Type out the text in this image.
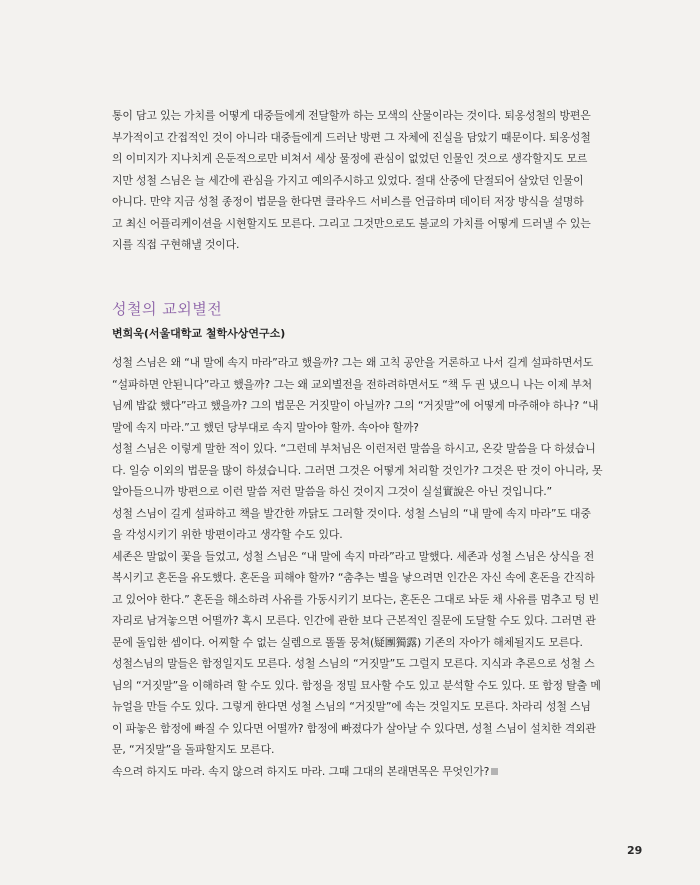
통이 담고 있는 가치를 어떻게 대중들에게 전달할까 하는 모색의 산물이라는 것이다. 퇴옹성철의 방편은
부가적이고 간접적인 것이 아니라 대중들에게 드러난 방편 그 자체에 진실을 담았기 때문이다. 퇴옹성철
의 이미지가 지나치게 은둔적으로만 비쳐서 세상 물정에 관심이 없었던 인물인 것으로 생각할지도 모르
지만 성철 스님은 늘 세간에 관심을 가지고 예의주시하고 있었다. 절대 산중에 단절되어 살았던 인물이
아니다. 만약 지금 성철 종정이 법문을 한다면 클라우드 서비스를 언급하며 데이터 저장 방식을 설명하
고 최신 어플리케이션을 시현할지도 모른다. 그리고 그것만으로도 불교의 가치를 어떻게 드러낼 수 있는
지를 직접 구현해낼 것이다.
성철의 교외별전

변희욱(서울대학교 철학사상연구소)

성철 스님은 왜 “내 말에 속지 마라”라고 했을까? 그는 왜 고칙 공안을 거론하고 나서 길게 설파하면서도
“설파하면 안된니다”라고 했을까? 그는 왜 교외별전을 전하려하면서도 “책 두 권 냈으니 나는 이제 부처
님께 밥값 했다”라고 했을까? 그의 법문은 거짓말이 아닐까? 그의 “거짓말”에 어떻게 마주해야 하나? “내
말에 속지 마라.”고 했던 당부대로 속지 말아야 할까. 속아야 할까?
성철 스님은 이렇게 말한 적이 있다. “그런데 부처님은 이런저런 말씀을 하시고, 온갖 말씀을 다 하셨습니
다. 일승 이외의 법문을 많이 하셨습니다. 그러면 그것은 어떻게 처리할 것인가? 그것은 딴 것이 아니라, 못
알아들으니까 방편으로 이런 말씀 저런 말씀을 하신 것이지 그것이 실설實說은 아닌 것입니다.”
성철 스님이 길게 설파하고 책을 발간한 까닭도 그러할 것이다. 성철 스님의 “내 말에 속지 마라”도 대중
을 각성시키기 위한 방편이라고 생각할 수도 있다.
세존은 말없이 꽃을 들었고, 성철 스님은 “내 말에 속지 마라”라고 말했다. 세존과 성철 스님은 상식을 전
복시키고 혼돈을 유도했다. 혼돈을 피해야 할까? “춤추는 별을 낳으려면 인간은 자신 속에 혼돈을 간직하
고 있어야 한다.” 혼돈을 해소하려 사유를 가동시키기 보다는, 혼돈은 그대로 놔둔 채 사유를 멈추고 텅 빈
자리로 남겨놓으면 어떨까? 혹시 모른다. 인간에 관한 보다 근본적인 질문에 도달할 수도 있다. 그러면 관
문에 돌입한 셈이다. 어찌할 수 없는 실렘으로 똘똘 뭉쳐(疑團獨露) 기존의 자아가 해체될지도 모른다.
성철스님의 말들은 함정일지도 모른다. 성철 스님의 “거짓말”도 그럴지 모른다. 지식과 추론으로 성철 스
님의 “거짓말”을 이해하려 할 수도 있다. 함정을 정밀 묘사할 수도 있고 분석할 수도 있다. 또 함정 탈출 메
뉴얼을 만들 수도 있다. 그렇게 한다면 성철 스님의 “거짓말”에 속는 것일지도 모른다. 차라리 성철 스님
이 파놓은 함정에 빠질 수 있다면 어떨까? 함정에 빠졌다가 살아날 수 있다면, 성철 스님이 설치한 격외관
문, “거짓말”을 돌파할지도 모른다.
속으려 하지도 마라. 속지 않으려 하지도 마라. 그때 그대의 본래면목은 무엇인가?

29
